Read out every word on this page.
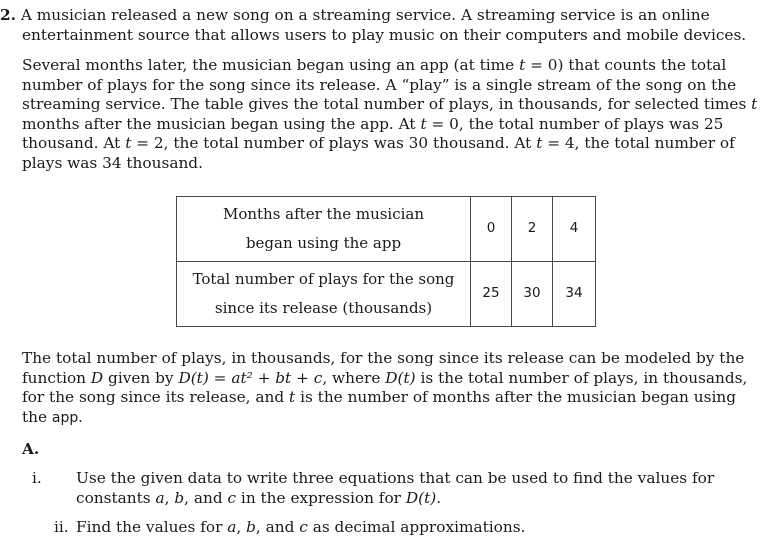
2. A musician released a new song on a streaming service. A streaming service is an online entertainment source that allows users to play music on their computers and mobile devices.

Several months later, the musician began using an app (at time t = 0) that counts the total number of plays for the song since its release. A “play” is a single stream of the song on the streaming service. The table gives the total number of plays, in thousands, for selected times t months after the musician began using the app. At t = 0, the total number of plays was 25 thousand. At t = 2, the total number of plays was 30 thousand. At t = 4, the total number of plays was 34 thousand.

Months after the musician
began using the app	0	2	4
Total number of plays for the song
since its release (thousands)	25	30	34

The total number of plays, in thousands, for the song since its release can be modeled by the function D given by D(t) = at² + bt + c, where D(t) is the total number of plays, in thousands, for the song since its release, and t is the number of months after the musician began using the app.

A.
i. Use the given data to write three equations that can be used to find the values for constants a, b, and c in the expression for D(t).
ii. Find the values for a, b, and c as decimal approximations.
